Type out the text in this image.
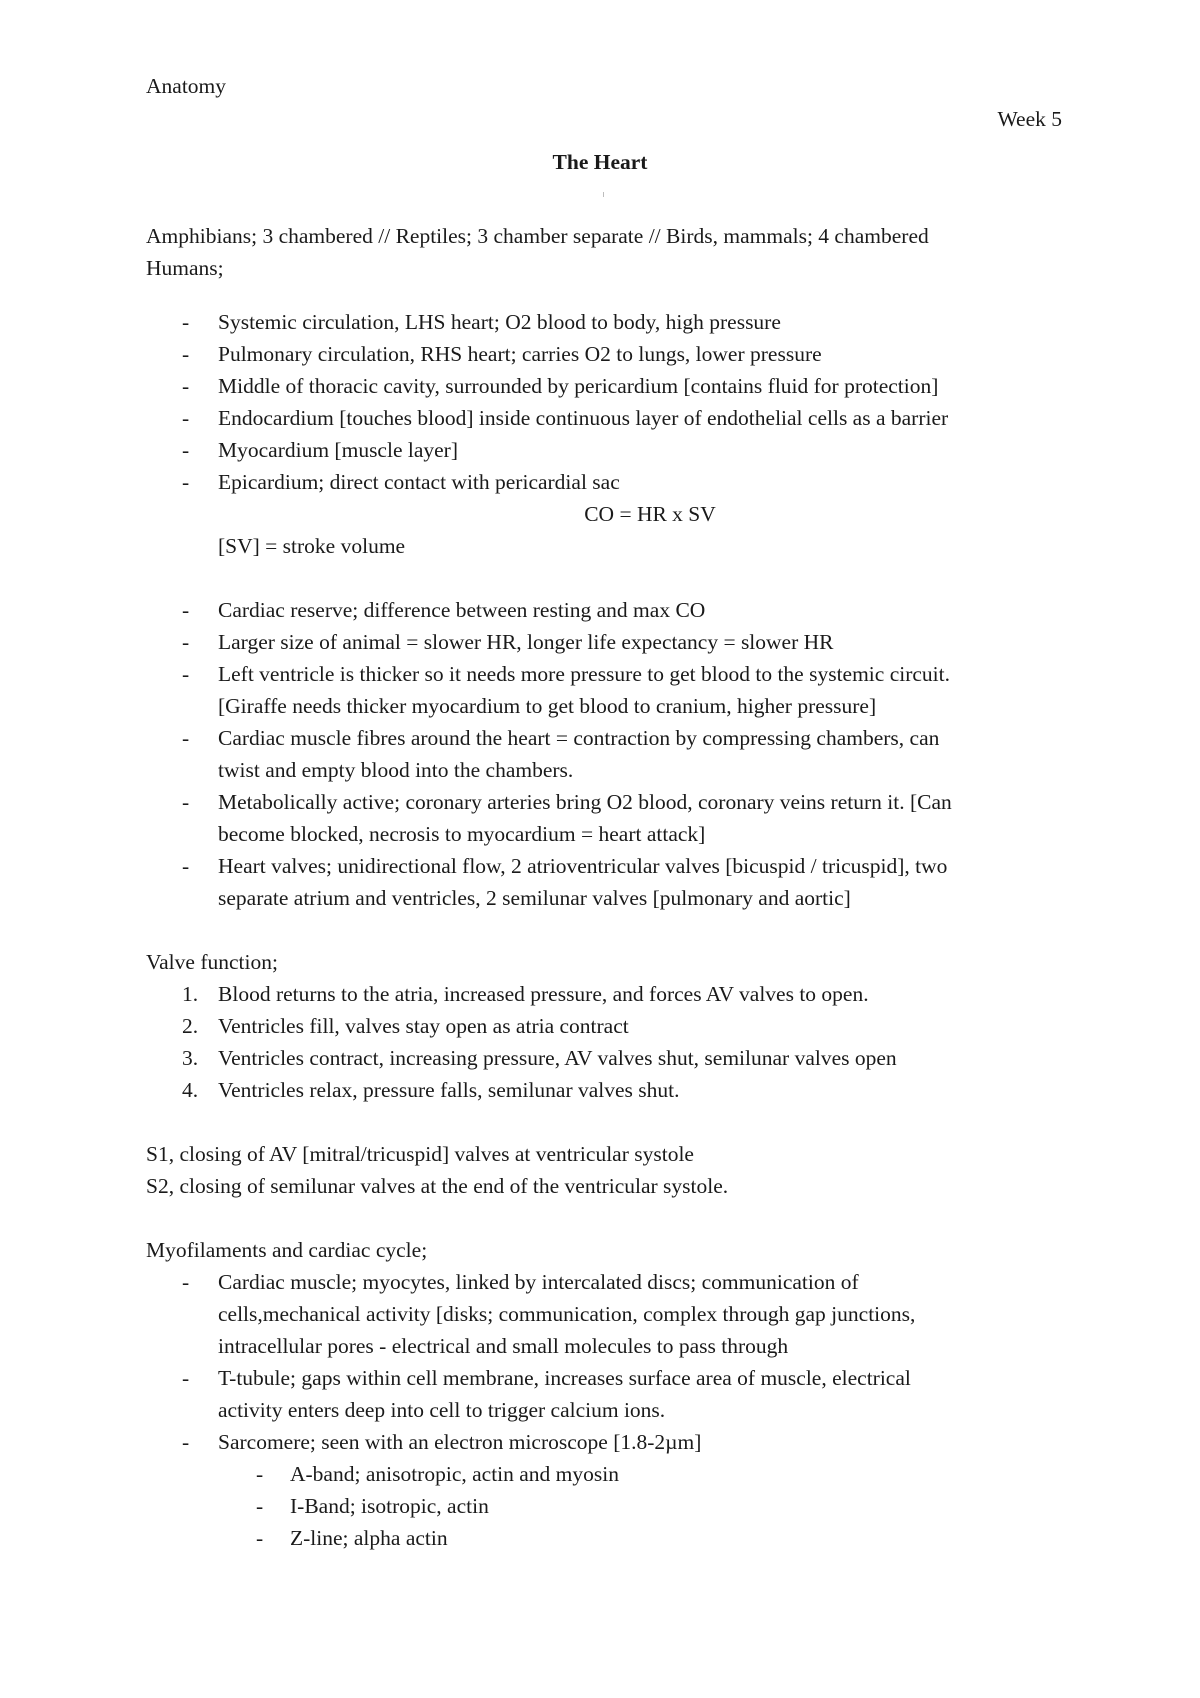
Anatomy
Week 5
The Heart
Amphibians; 3 chambered // Reptiles; 3 chamber separate // Birds, mammals; 4 chambered
Humans;
- Systemic circulation, LHS heart; O2 blood to body, high pressure
- Pulmonary circulation, RHS heart; carries O2 to lungs, lower pressure
- Middle of thoracic cavity, surrounded by pericardium [contains fluid for protection]
- Endocardium [touches blood] inside continuous layer of endothelial cells as a barrier
- Myocardium [muscle layer]
- Epicardium; direct contact with pericardial sac
CO = HR x SV
[SV] = stroke volume
- Cardiac reserve; difference between resting and max CO
- Larger size of animal = slower HR, longer life expectancy = slower HR
- Left ventricle is thicker so it needs more pressure to get blood to the systemic circuit.
[Giraffe needs thicker myocardium to get blood to cranium, higher pressure]
- Cardiac muscle fibres around the heart = contraction by compressing chambers, can
twist and empty blood into the chambers.
- Metabolically active; coronary arteries bring O2 blood, coronary veins return it. [Can
become blocked, necrosis to myocardium = heart attack]
- Heart valves; unidirectional flow, 2 atrioventricular valves [bicuspid / tricuspid], two
separate atrium and ventricles, 2 semilunar valves [pulmonary and aortic]
Valve function;
1. Blood returns to the atria, increased pressure, and forces AV valves to open.
2. Ventricles fill, valves stay open as atria contract
3. Ventricles contract, increasing pressure, AV valves shut, semilunar valves open
4. Ventricles relax, pressure falls, semilunar valves shut.
S1, closing of AV [mitral/tricuspid] valves at ventricular systole
S2, closing of semilunar valves at the end of the ventricular systole.
Myofilaments and cardiac cycle;
- Cardiac muscle; myocytes, linked by intercalated discs; communication of
cells,mechanical activity [disks; communication, complex through gap junctions,
intracellular pores - electrical and small molecules to pass through
- T-tubule; gaps within cell membrane, increases surface area of muscle, electrical
activity enters deep into cell to trigger calcium ions.
- Sarcomere; seen with an electron microscope [1.8-2µm]
- A-band; anisotropic, actin and myosin
- I-Band; isotropic, actin
- Z-line; alpha actin
